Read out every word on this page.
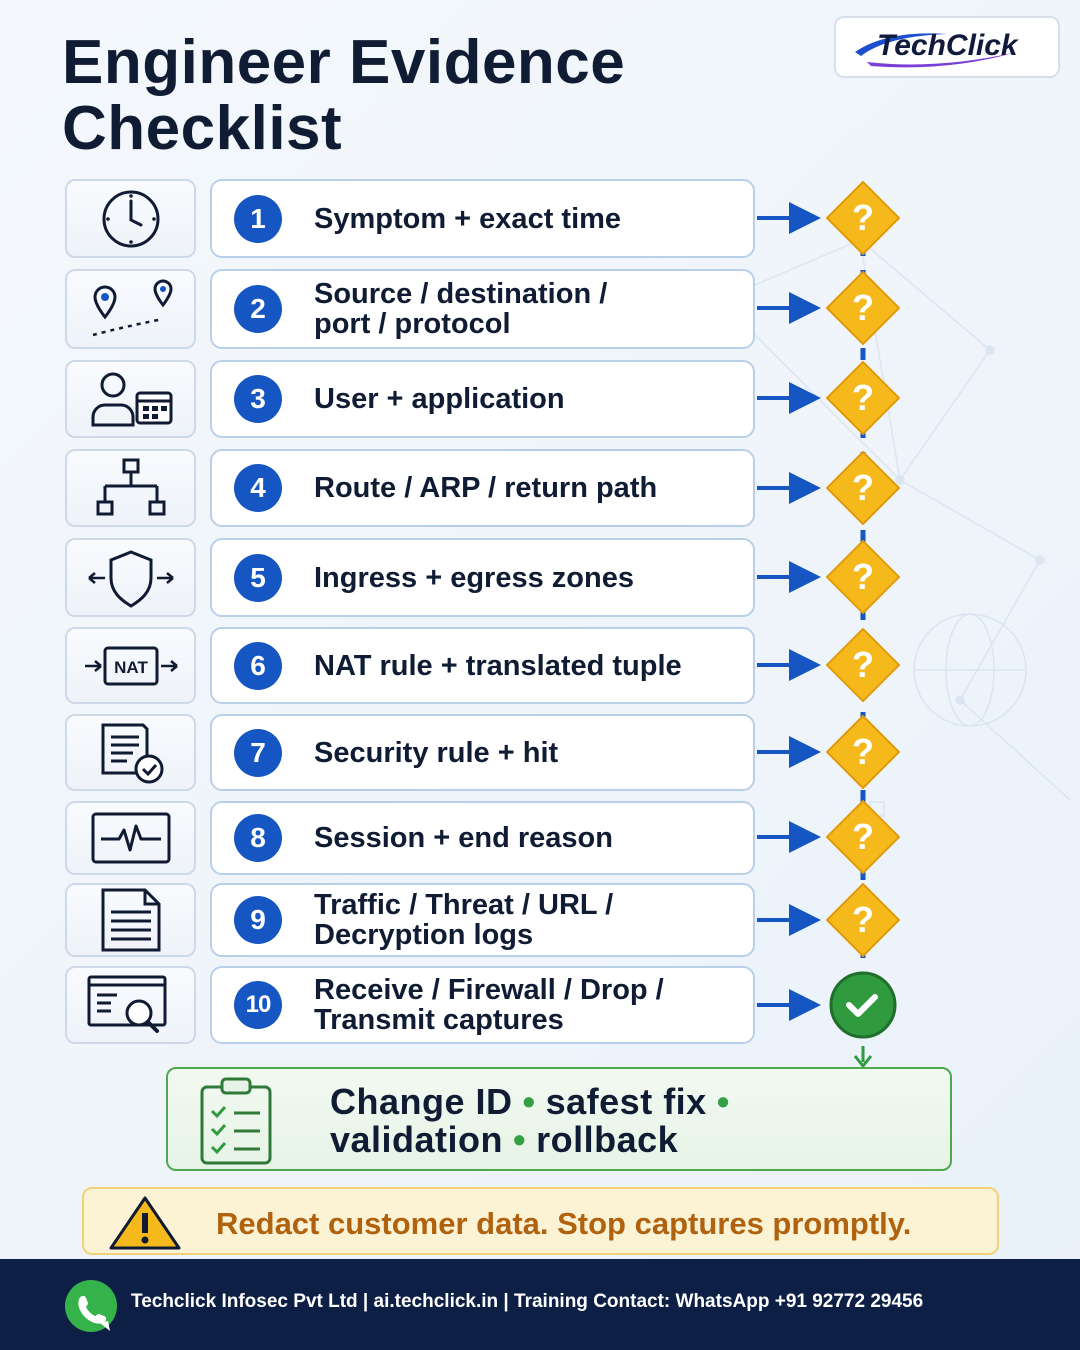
Engineer Evidence Checklist
TechClick
NAT
1	Symptom + exact time
2	Source / destination / port / protocol
3	User + application
4	Route / ARP / return path
5	Ingress + egress zones
6	NAT rule + translated tuple
7	Security rule + hit
8	Session + end reason
9	Traffic / Threat / URL / Decryption logs
10	Receive / Firewall / Drop / Transmit captures
?
?
?
?
?
?
?
?
?
Change ID • safest fix •
validation • rollback
Redact customer data. Stop captures promptly.
Techclick Infosec Pvt Ltd | ai.techclick.in | Training Contact: WhatsApp +91 92772 29456
